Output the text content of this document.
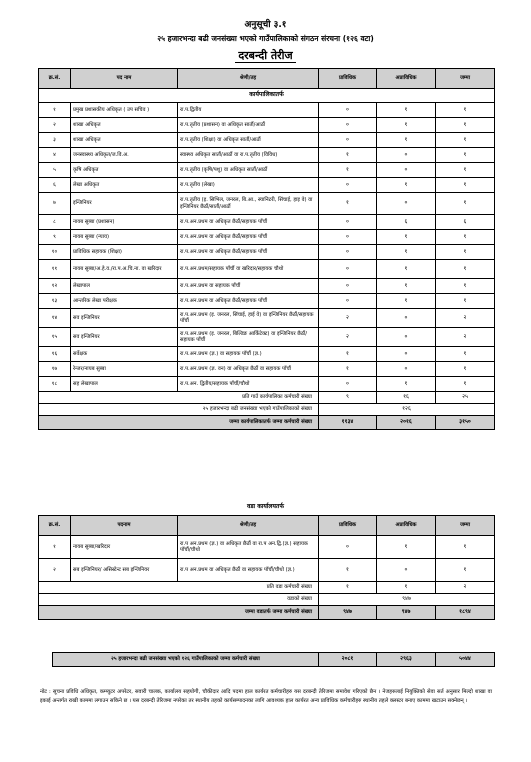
अनुसूची ३.१
२५ हजारभन्दा बढी जनसंख्या भएको गाउँपालिकाको संगठन संरचना (१२६ वटा)
दरबन्दी तेरीज
क्र.सं.	पद नाम	श्रेणी/तह	प्राविधिक	अप्राविधिक	जम्मा
कार्यपालिकातर्फ					
१	प्रमुख प्रशासकीय अधिकृत ( उप सचिव )	रा.प.द्वितीय	०	१	१
२	शाखा अधिकृत	रा.प.तृतीय (प्रशासन) वा अधिकृत सातौं/आठौं	०	१	१
३	शाखा अधिकृत	रा.प.तृतीय (शिक्षा) वा अधिकृत सातौं/आठौं	०	१	१
४	जनस्वास्थ्य अधिकृत/ज.वि.अ.	स्वास्थ्य अधिकृत सातौं/आठौं वा रा.प.तृतीय (विविध)	१	०	१
५	कृषि अधिकृत	रा.प.तृतीय (कृषि/पशु) वा अधिकृत सातौं/आठौं	१	०	१
६	लेखा अधिकृत	रा.प.तृतीय (लेखा)	०	१	१
७	इन्जिनियर	रा.प.तृतीय (इ. सिभिल, जनरल, बि.आ., स्यानिटरी, सिंचाई, हाइ वे) वा इन्जिनियर छैठौं/सातौं/आठौं	१	०	१
८	नायब सुब्बा (प्रशासन)	रा.प.अन.प्रथम वा अधिकृत छैठौं/सहायक पाँचौं	०	६	६
९	नायब सुब्बा (न्याय)	रा.प.अन.प्रथम वा अधिकृत छैठौं/सहायक पाँचौं	०	१	१
१०	प्राविधिक सहायक (शिक्षा)	रा.प.अन.प्रथम वा अधिकृत छैठौं/सहायक पाँचौं	०	१	१
११	नायब सुब्बा/अ.हे.व./रा.प.अ.चि.ना. वा खरिदार	रा.प.अन.प्रथम/सहायक पाँचौं वा खरिदार/सहायक चौथो	०	१	१
१२	लेखापाल	रा.प.अन.प्रथम वा सहायक पाँचौं	०	१	१
१३	आन्तरिक लेखा परीक्षक	रा.प.अन.प्रथम वा अधिकृत छैठौं/सहायक पाँचौं	०	१	१
१४	सव इन्जिनियर	रा.प.अन.प्रथम (इ. जनरल, सिंचाई, हाई वे) वा इन्जिनियर छैठौं/सहायक पाँचौं	२	०	२
१५	सव इन्जिनियर	रा.प.अन.प्रथम (इ. जनरल, बिल्डिङ आर्किटेक्ट) वा इन्जिनियर छैठौं/सहायक पाँचौं	२	०	२
१६	सर्वेक्षक	रा.प.अन.प्रथम (ज्ञ.) वा सहायक पाँचौं (ज्ञ.)	१	०	१
१७	रेन्जर/नायब सुब्बा	रा.प.अन.प्रथम (ज्ञ. वन) वा अधिकृत छैठौं वा सहायक पाँचौं	१	०	१
१८	सह लेखापाल	रा.प.अन. द्वितीय/सहायक पाँचौं/चौथो	०	१	१
प्रति गाउँ कार्यपालिका कर्मचारी संख्या			९	१६	२५
२५ हजारभन्दा बढी जनसंख्या भएको गाउँपालिकाको संख्या			१२६		
जम्मा कार्यपालिकातर्फ जम्मा कर्मचारी संख्या			११३४	२०१६	३१५०
वडा कार्यालयतर्फ
क्र.सं.	पदनाम	श्रेणी/तह	प्राविधिक	अप्राविधिक	जम्मा
१	नायब सुब्बा/खरिदार	रा.प अन.प्रथम (ज्ञ.) वा अधिकृत छैठौं वा रा.प अन.द्वि.(ज्ञ.) सहायक पाँचौं/चौथो	०	१	१
२	सब इन्जिनियर/ असिस्टेन्ट सब इन्जिनियर	रा.प अन.प्रथम वा अधिकृत छैठौं वा सहायक पाँचौं/चौथो (ज्ञ.)	१	०	१
प्रति वडा कर्मचारी संख्या			१	१	२
वडाको संख्या			९४७		
जम्मा वडातर्फ जम्मा कर्मचारी संख्या			९४७	९४७	१८९४
२५ हजारभन्दा बढी जनसंख्या भएको १२६ गाउँपालिकाको जम्मा कर्मचारी संख्या	२०८१	२९६३	५०४४
नोट : सूचना प्रविधि अधिकृत, कम्प्युटर अपरेटर, सवारी चालक, कार्यालय सहयोगी, चौकीदार आदि पदमा हाल कार्यरत कर्मचारीहरु यस दरबन्दी तेरिजमा समावेश गरिएको छैन । नेजहरुलाई नियुक्तिको सेवा सर्त अनुसार मिल्दो शाखा वा इकाई अन्तर्गत राखी काममा लगाउन सकिने छ । यस दरबन्दी तेरिजमा नपरेका तर स्थानीय तहको कार्यसम्पादनका लागि आवश्यक हाल कार्यरत अन्य प्राविधिक कर्मचारीहरु स्थानीय तहले क्लस्टर बनाए काममा खटाउन सक्नेछन् ।
